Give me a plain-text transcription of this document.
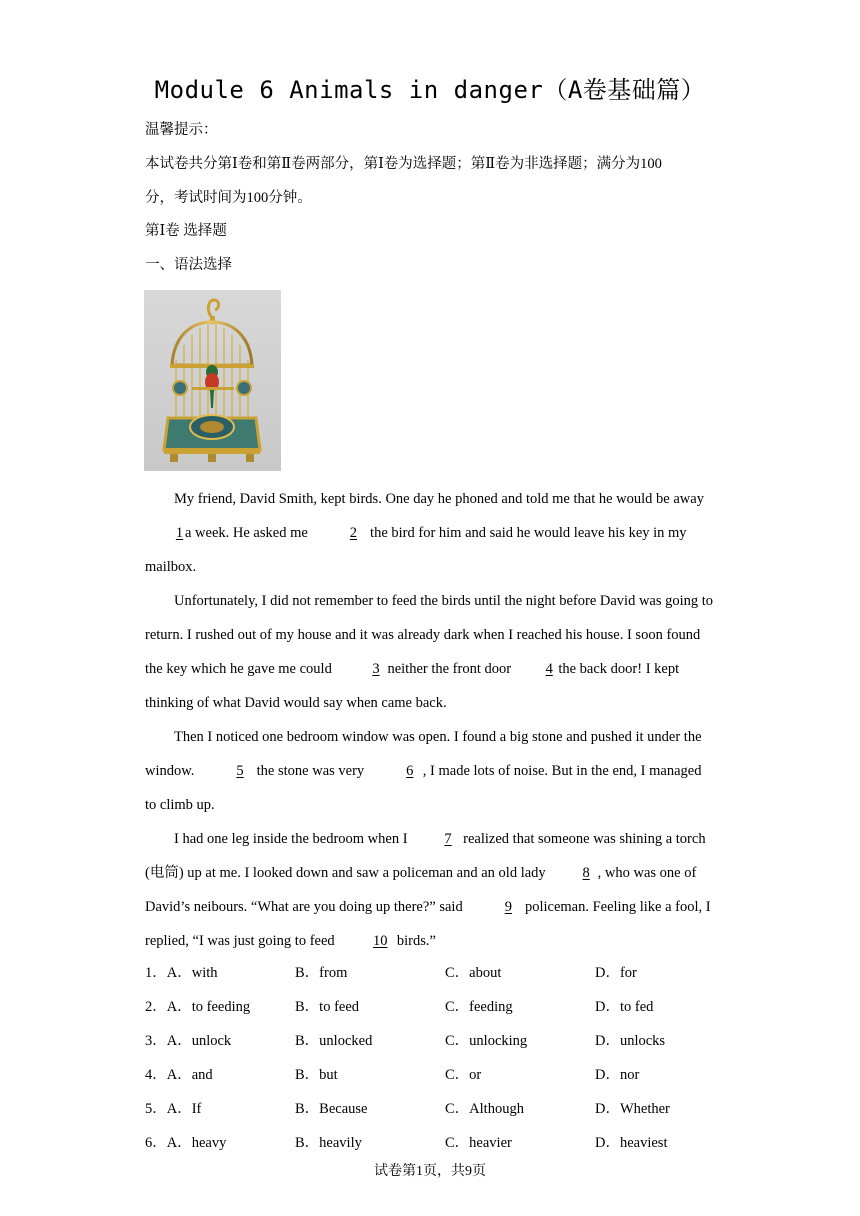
Module 6 Animals in danger（A卷基础篇）
温馨提示：
本试卷共分第Ⅰ卷和第Ⅱ卷两部分，第Ⅰ卷为选择题；第Ⅱ卷为非选择题；满分为100
分，考试时间为100分钟。
第Ⅰ卷 选择题
一、语法选择

My friend, David Smith, kept birds. One day he phoned and told me that he would be away 1 a week. He asked me	2 the bird for him and said he would leave his key in my mailbox.

Unfortunately, I did not remember to feed the birds until the night before David was going to return. I rushed out of my house and it was already dark when I reached his house. I soon found the key which he gave me could	3 neither the front door 4 the back door! I kept thinking of what David would say when came back.

Then I noticed one bedroom window was open. I found a big stone and pushed it under the window.	5 the stone was very	6 , I made lots of noise. But in the end, I managed to climb up.

I had one leg inside the bedroom when I	7 realized that someone was shining a torch (电筒) up at me. I looked down and saw a policeman and an old lady	8 , who was one of David’s neibours. “What are you doing up there?” said	9 policeman. Feeling like a fool, I replied, “I was just going to feed 10 birds.”

1．A．with	B．from	C．about	D．for
2．A．to feeding	B．to feed	C．feeding	D．to fed
3．A．unlock	B．unlocked	C．unlocking	D．unlocks
4．A．and	B．but	C．or	D．nor
5．A．If	B．Because	C．Although	D．Whether
6．A．heavy	B．heavily	C．heavier	D．heaviest
试卷第1页，共9页
